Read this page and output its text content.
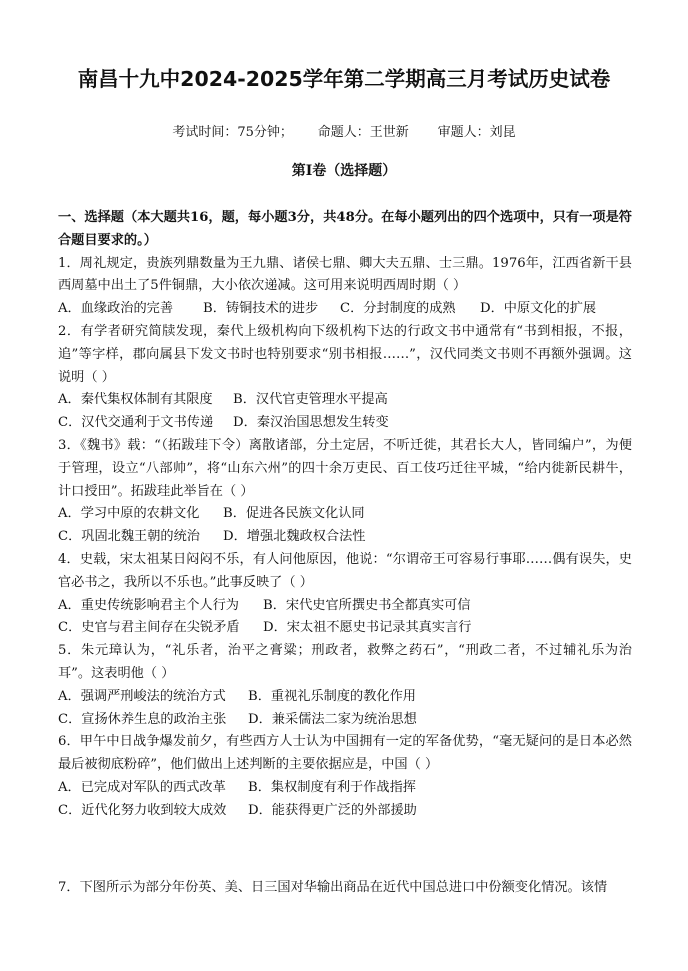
南昌十九中2024-2025学年第二学期高三月考试历史试卷
考试时间：75分钟；      命题人：王世新       审题人：刘昆
第Ⅰ卷（选择题）

一、选择题（本大题共16，题，每小题3分，共48分。在每小题列出的四个选项中，只有一项是符合题目要求的。）

1．周礼规定，贵族列鼎数量为王九鼎、诸侯七鼎、卿大夫五鼎、士三鼎。1976年，江西省新干县西周墓中出土了5件铜鼎，大小依次递减。这可用来说明西周时期（ ）

A．血缘政治的完善	B．铸铜技术的进步	C．分封制度的成熟	D．中原文化的扩展

2．有学者研究简牍发现，秦代上级机构向下级机构下达的行政文书中通常有“书到相报，不报，追”等字样，郡向属县下发文书时也特别要求“别书相报……”，汉代同类文书则不再额外强调。这说明（ ）

A．秦代集权体制有其限度	B．汉代官吏管理水平提高
C．汉代交通利于文书传递	D．秦汉治国思想发生转变

3．《魏书》载：“（拓跋珪下令）离散诸部，分土定居，不听迁徙，其君长大人，皆同编户”，为便于管理，设立“八部帅”，将“山东六州”的四十余万吏民、百工伎巧迁往平城，“给内徙新民耕牛，计口授田”。拓跋珪此举旨在（ ）

A．学习中原的农耕文化	B．促进各民族文化认同
C．巩固北魏王朝的统治	D．增强北魏政权合法性

4．史载，宋太祖某日闷闷不乐，有人问他原因，他说：“尔谓帝王可容易行事耶……偶有误失，史官必书之，我所以不乐也。”此事反映了（ ）

A．重史传统影响君主个人行为	B．宋代史官所撰史书全都真实可信
C．史官与君主间存在尖锐矛盾	D．宋太祖不愿史书记录其真实言行

5．朱元璋认为，“礼乐者，治平之膏粱；刑政者，救弊之药石”，“刑政二者，不过辅礼乐为治耳”。这表明他（ ）

A．强调严刑峻法的统治方式	B．重视礼乐制度的教化作用
C．宣扬休养生息的政治主张	D．兼采儒法二家为统治思想

6．甲午中日战争爆发前夕，有些西方人士认为中国拥有一定的军备优势，“毫无疑问的是日本必然最后被彻底粉碎”，他们做出上述判断的主要依据应是，中国（ ）

A．已完成对军队的西式改革	B．集权制度有利于作战指挥
C．近代化努力收到较大成效	D．能获得更广泛的外部援助
7．下图所示为部分年份英、美、日三国对华输出商品在近代中国总进口中份额变化情况。该情
